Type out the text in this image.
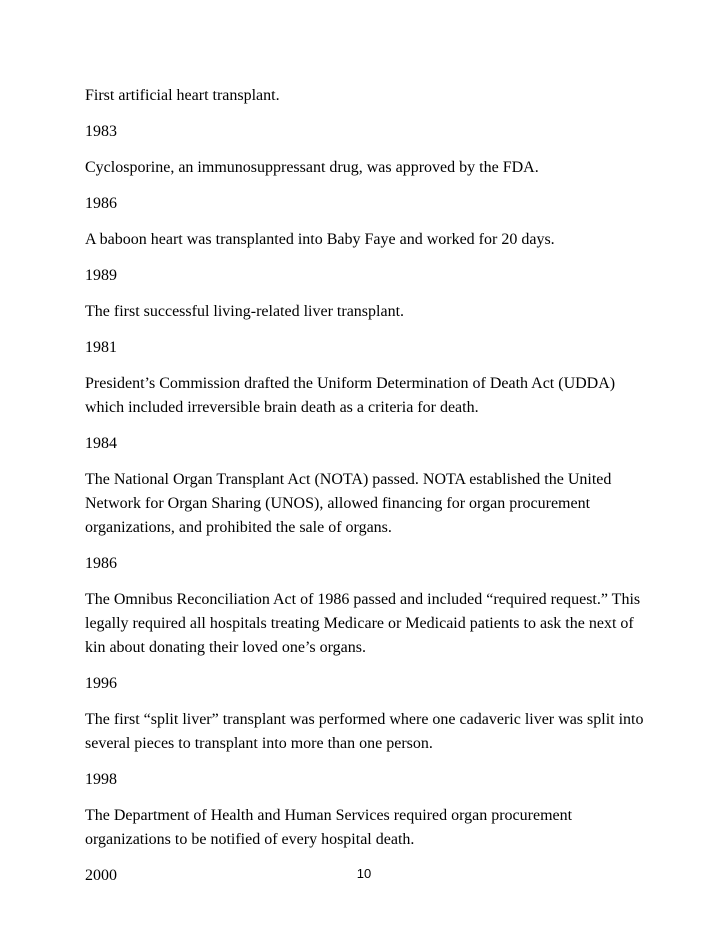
First artificial heart transplant.

1983

Cyclosporine, an immunosuppressant drug, was approved by the FDA.

1986

A baboon heart was transplanted into Baby Faye and worked for 20 days.

1989

The first successful living-related liver transplant.

1981

President’s Commission drafted the Uniform Determination of Death Act (UDDA) which included irreversible brain death as a criteria for death.

1984

The National Organ Transplant Act (NOTA) passed. NOTA established the United Network for Organ Sharing (UNOS), allowed financing for organ procurement organizations, and prohibited the sale of organs.

1986

The Omnibus Reconciliation Act of 1986 passed and included “required request.” This legally required all hospitals treating Medicare or Medicaid patients to ask the next of kin about donating their loved one’s organs.

1996

The first “split liver” transplant was performed where one cadaveric liver was split into several pieces to transplant into more than one person.

1998

The Department of Health and Human Services required organ procurement organizations to be notified of every hospital death.

2000	10
